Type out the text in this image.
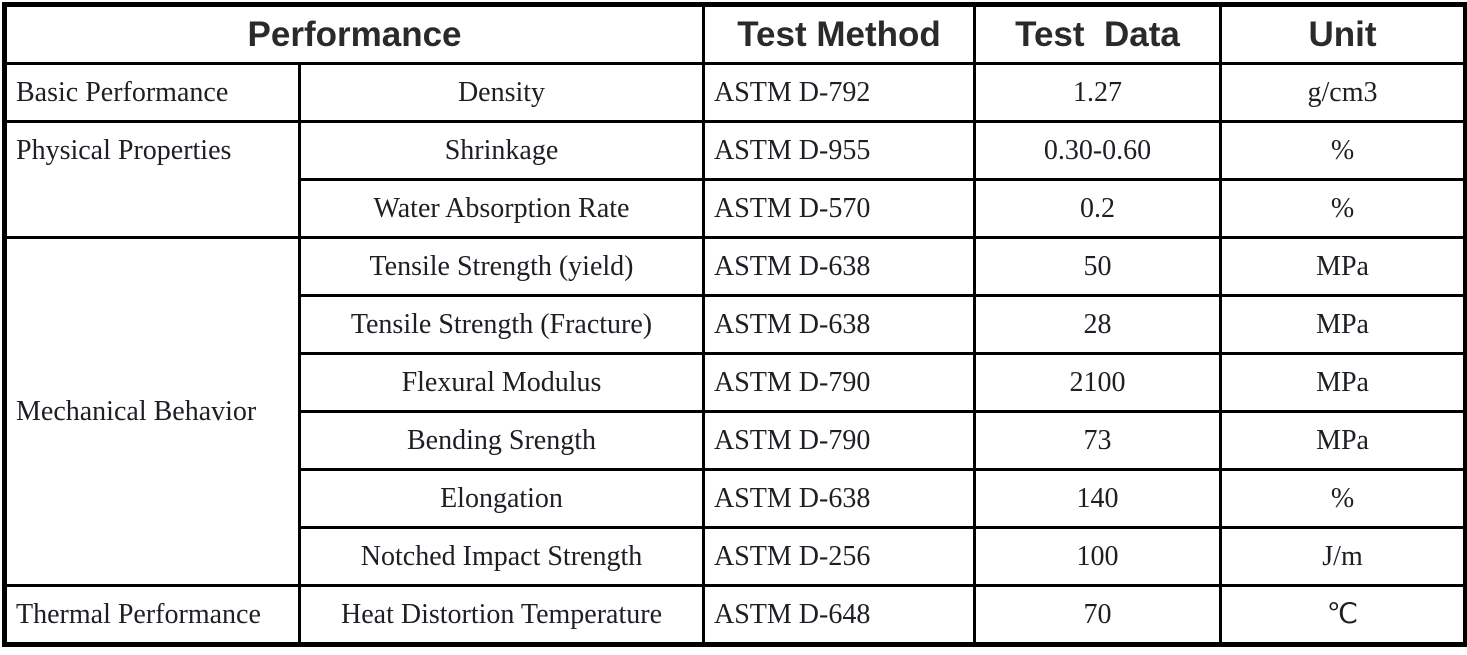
Performance		Test Method	Test  Data	Unit
Basic Performance	Density	ASTM D-792	1.27	g/cm3
Physical Properties	Shrinkage	ASTM D-955	0.30-0.60	%
	Water Absorption Rate	ASTM D-570	0.2	%
Mechanical Behavior	Tensile Strength (yield)	ASTM D-638	50	MPa
	Tensile Strength (Fracture)	ASTM D-638	28	MPa
	Flexural Modulus	ASTM D-790	2100	MPa
	Bending Srength	ASTM D-790	73	MPa
	Elongation	ASTM D-638	140	%
	Notched Impact Strength	ASTM D-256	100	J/m
Thermal Performance	Heat Distortion Temperature	ASTM D-648	70	℃
